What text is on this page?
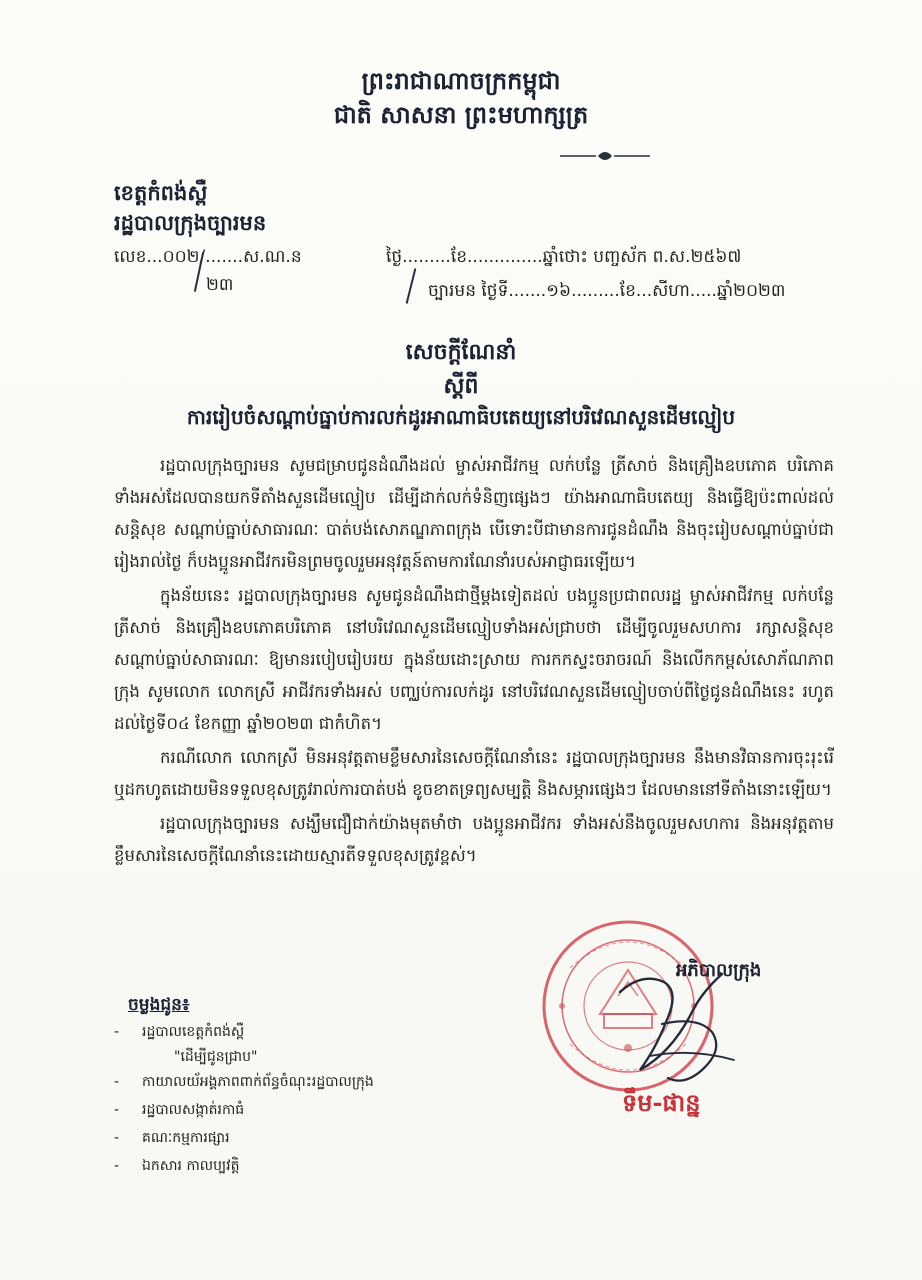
ព្រះរាជាណាចក្រកម្ពុជា
ជាតិ សាសនា ព្រះមហាក្សត្រ
ខេត្តកំពង់ស្ពឺ
រដ្ឋបាលក្រុងច្បារមន
លេខ...០០២/.......ស.ណ.ន
២៣
ថ្ងៃ.........ខែ..............ឆ្នាំថោះ បញ្ចស័ក ព.ស.២៥៦៧
ច្បារមន ថ្ងៃទី.......១៦.........ខែ...សីហា.....ឆ្នាំ២០២៣
សេចក្តីណែនាំ
ស្តីពី
ការរៀបចំសណ្តាប់ធ្នាប់ការលក់ដូរអាណាធិបតេយ្យនៅបរិវេណសួនដើមល្មៀប

រដ្ឋបាលក្រុងច្បារមន សូមជម្រាបជូនដំណឹងដល់ ម្ចាស់អាជីវកម្ម លក់បន្លែ ត្រីសាច់ និងគ្រឿងឧបភោគ បរិភោគ ទាំងអស់ដែលបានយកទីតាំងសួនដើមល្មៀប ដើម្បីដាក់លក់ទំនិញផ្សេងៗ យ៉ាងអាណាធិបតេយ្យ និងធ្វើឱ្យប៉ះពាល់ដល់សន្តិសុខ សណ្តាប់ធ្នាប់សាធារណៈ បាត់បង់សោភណ្ឌភាពក្រុង បើទោះបីជាមានការជូនដំណឹង និងចុះរៀបសណ្តាប់ធ្នាប់ជារៀងរាល់ថ្ងៃ ក៏បងប្អូនអាជីវករមិនព្រមចូលរួមអនុវត្តន៍តាមការណែនាំរបស់អាជ្ញាធរឡើយ។

ក្នុងន័យនេះ រដ្ឋបាលក្រុងច្បារមន សូមជូនដំណឹងជាថ្មីម្តងទៀតដល់ បងប្អូនប្រជាពលរដ្ឋ ម្ចាស់អាជីវកម្ម លក់បន្លែ ត្រីសាច់ និងគ្រឿងឧបភោគបរិភោគ នៅបរិវេណសួនដើមល្មៀបទាំងអស់ជ្រាបថា ដើម្បីចូលរួមសហការ រក្សាសន្តិសុខ សណ្តាប់ធ្នាប់សាធារណៈ ឱ្យមានរបៀបរៀបរយ ក្នុងន័យដោះស្រាយ ការកកស្ទះចរាចរណ៍ និងលើកកម្ពស់សោភ័ណភាពក្រុង សូមលោក លោកស្រី អាជីវករទាំងអស់ បញ្ឈប់ការលក់ដូរ នៅបរិវេណសួនដើមល្មៀបចាប់ពីថ្ងៃជូនដំណឹងនេះ រហូតដល់ថ្ងៃទី០៤ ខែកញ្ញា ឆ្នាំ២០២៣ ជាកំហិត។

ករណីលោក លោកស្រី មិនអនុវត្តតាមខ្លឹមសារនៃសេចក្តីណែនាំនេះ រដ្ឋបាលក្រុងច្បារមន នឹងមានវិធានការចុះរុះរើ ឬដកហូតដោយមិនទទួលខុសត្រូវរាល់ការបាត់បង់ ខូចខាតទ្រព្យសម្បត្តិ និងសម្ភារផ្សេងៗ ដែលមាននៅទីតាំងនោះឡើយ។

រដ្ឋបាលក្រុងច្បារមន សង្ឃឹមជឿជាក់យ៉ាងមុតមាំថា បងប្អូនអាជីវករ ទាំងអស់នឹងចូលរួមសហការ និងអនុវត្តតាមខ្លឹមសារនៃសេចក្តីណែនាំនេះដោយស្មារតីទទួលខុសត្រូវខ្ពស់។

អភិបាលក្រុង
ទឹម-ផាន្ន
ចម្លងជូន៖
- រដ្ឋបាលខេត្តកំពង់ស្ពឺ
"ដើម្បីជូនជ្រាប"
- កាយាលយ័អង្គភាពពាក់ព័ន្ធចំណុះរដ្ឋបាលក្រុង
- រដ្ឋបាលសង្កាត់រកាធំ
- គណៈកម្មការផ្សារ
- ឯកសារ កាលប្បវត្តិ
